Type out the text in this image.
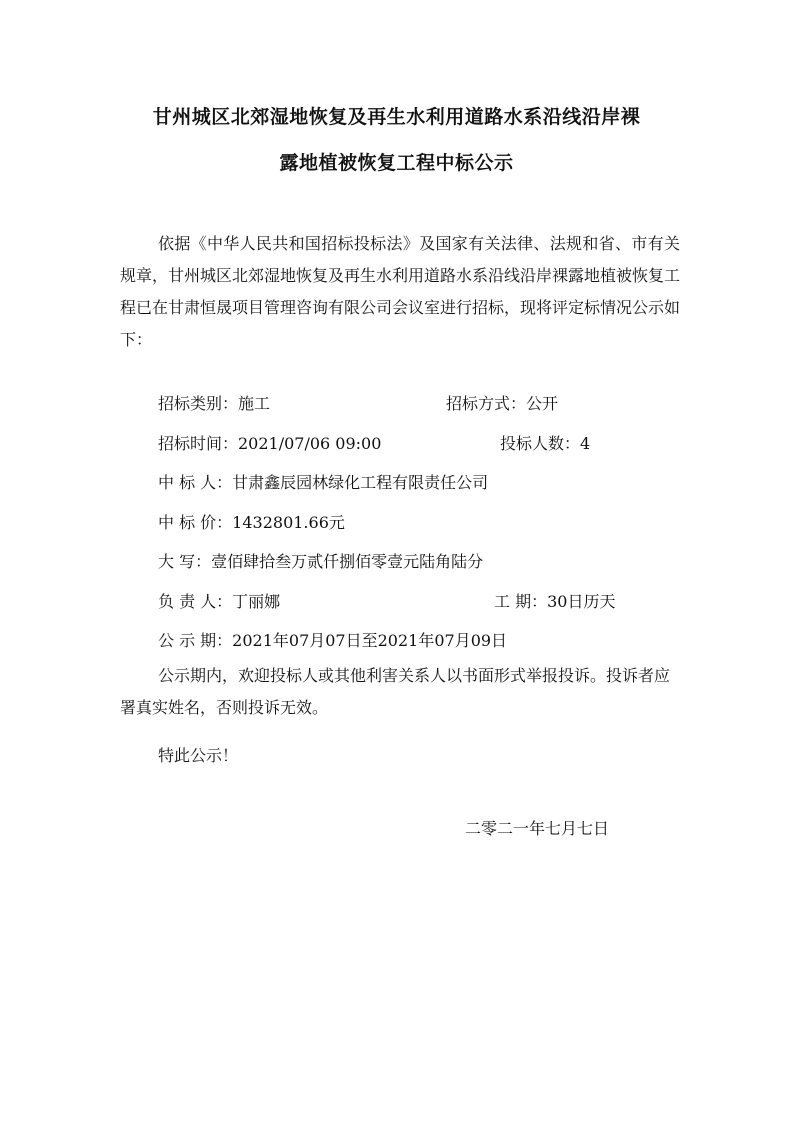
甘州城区北郊湿地恢复及再生水利用道路水系沿线沿岸裸
露地植被恢复工程中标公示

依据《中华人民共和国招标投标法》及国家有关法律、法规和省、市有关规章，甘州城区北郊湿地恢复及再生水利用道路水系沿线沿岸裸露地植被恢复工程已在甘肃恒晟项目管理咨询有限公司会议室进行招标，现将评定标情况公示如下：

招标类别：施工	招标方式：公开
招标时间：2021/07/06 09:00	投标人数：4
中 标 人：甘肃鑫辰园林绿化工程有限责任公司
中 标 价：1432801.66元
大 写：壹佰肆拾叁万贰仟捌佰零壹元陆角陆分
负 责 人：丁丽娜	工 期：30日历天
公 示 期：2021年07月07日至2021年07月09日

公示期内，欢迎投标人或其他利害关系人以书面形式举报投诉。投诉者应署真实姓名，否则投诉无效。

特此公示！
二零二一年七月七日
